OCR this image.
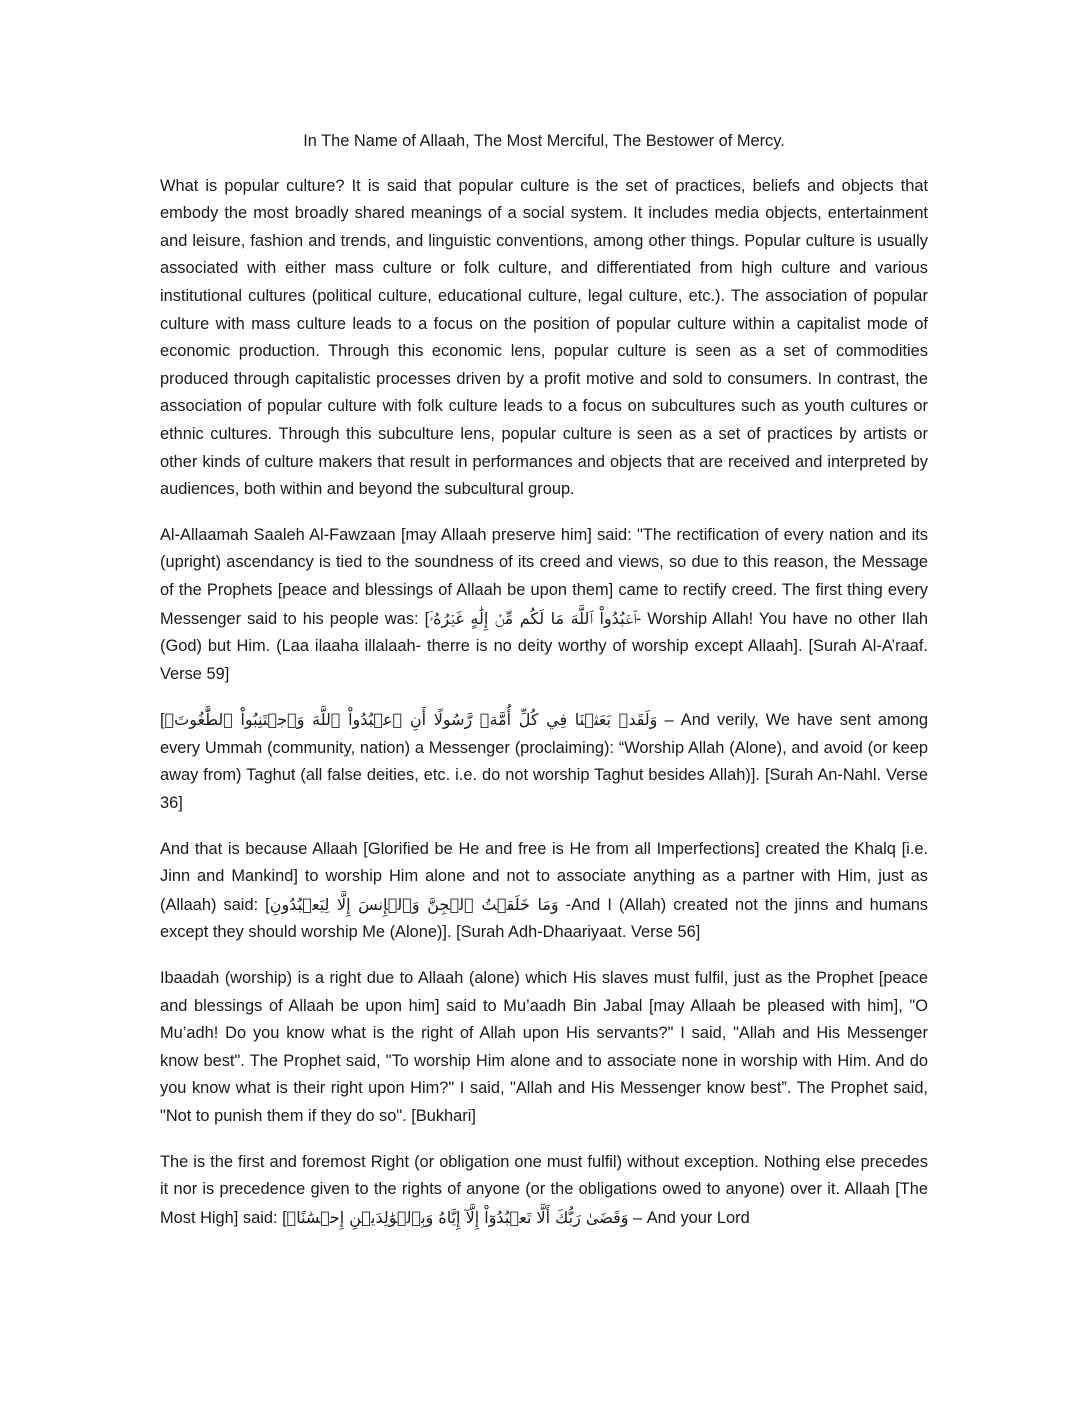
In The Name of Allaah, The Most Merciful, The Bestower of Mercy.

What is popular culture? It is said that popular culture is the set of practices, beliefs and objects that embody the most broadly shared meanings of a social system. It includes media objects, entertainment and leisure, fashion and trends, and linguistic conventions, among other things. Popular culture is usually associated with either mass culture or folk culture, and differentiated from high culture and various institutional cultures (political culture, educational culture, legal culture, etc.). The association of popular culture with mass culture leads to a focus on the position of popular culture within a capitalist mode of economic production. Through this economic lens, popular culture is seen as a set of commodities produced through capitalistic processes driven by a profit motive and sold to consumers. In contrast, the association of popular culture with folk culture leads to a focus on subcultures such as youth cultures or ethnic cultures. Through this subculture lens, popular culture is seen as a set of practices by artists or other kinds of culture makers that result in performances and objects that are received and interpreted by audiences, both within and beyond the subcultural group.

Al-Allaamah Saaleh Al-Fawzaan [may Allaah preserve him] said: "The rectification of every nation and its (upright) ascendancy is tied to the soundness of its creed and views, so due to this reason, the Message of the Prophets [peace and blessings of Allaah be upon them] came to rectify creed. The first thing every Messenger said to his people was: [ٱعۡبُدُواْ ٱللَّهَ مَا لَكُم مِّنۡ إِلَٰهٍ غَيۡرُهُۥٓ- Worship Allah! You have no other Ilah (God) but Him. (Laa ilaaha illalaah- therre is no deity worthy of worship except Allaah]. [Surah Al-A’raaf. Verse 59]

[وَلَقَدۡ بَعَثۡنَا فِي كُلِّ أُمَّةٖ رَّسُولًا أَنِ ٱعۡبُدُواْ ٱللَّهَ وَٱجۡتَنِبُواْ ٱلطَّٰغُوتَۖ – And verily, We have sent among every Ummah (community, nation) a Messenger (proclaiming): “Worship Allah (Alone), and avoid (or keep away from) Taghut (all false deities, etc. i.e. do not worship Taghut besides Allah)]. [Surah An-Nahl. Verse 36]

And that is because Allaah [Glorified be He and free is He from all Imperfections] created the Khalq [i.e. Jinn and Mankind] to worship Him alone and not to associate anything as a partner with Him, just as (Allaah) said: [وَمَا خَلَقۡتُ ٱلۡجِنَّ وَٱلۡإِنسَ إِلَّا لِيَعۡبُدُونِ -And I (Allah) created not the jinns and humans except they should worship Me (Alone)]. [Surah Adh-Dhaariyaat. Verse 56]

Ibaadah (worship) is a right due to Allaah (alone) which His slaves must fulfil, just as the Prophet [peace and blessings of Allaah be upon him] said to Mu’aadh Bin Jabal [may Allaah be pleased with him], "O Mu’adh! Do you know what is the right of Allah upon His servants?" I said, "Allah and His Messenger know best". The Prophet said, "To worship Him alone and to associate none in worship with Him. And do you know what is their right upon Him?" I said, "Allah and His Messenger know best”. The Prophet said, "Not to punish them if they do so". [Bukhari]

The is the first and foremost Right (or obligation one must fulfil) without exception. Nothing else precedes it nor is precedence given to the rights of anyone (or the obligations owed to anyone) over it. Allaah [The Most High] said: [وَقَضَىٰ رَبُّكَ أَلَّا تَعۡبُدُوٓاْ إِلَّآ إِيَّاهُ وَبِٱلۡوَٰلِدَيۡنِ إِحۡسَٰنًاۚ – And your Lord
